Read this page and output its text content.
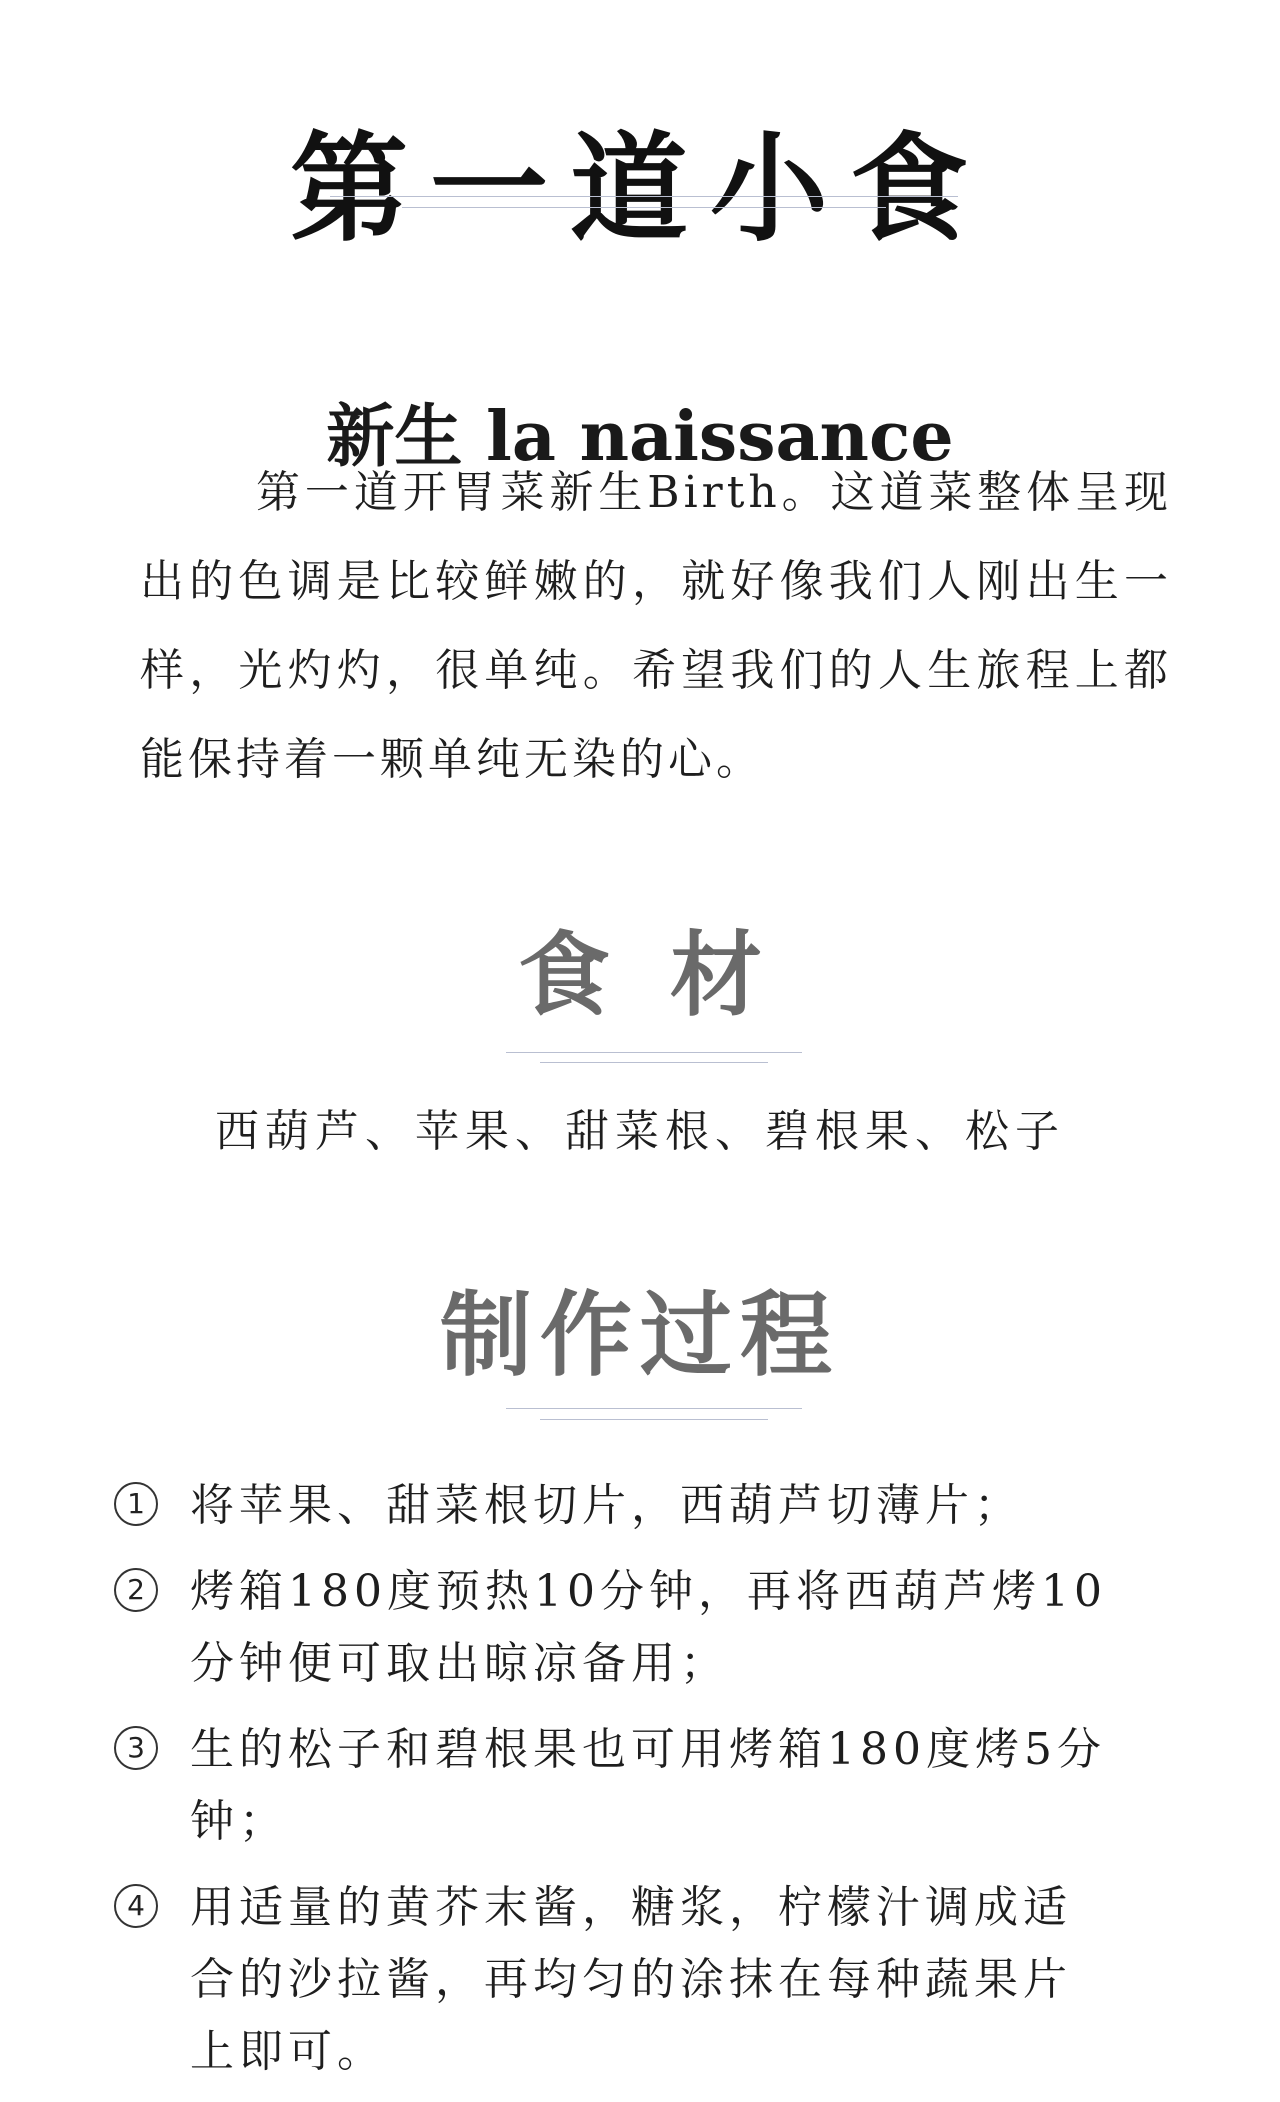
第一道小食
新生 la naissance

第一道开胃菜新生Birth。这道菜整体呈现出的色调是比较鲜嫩的，就好像我们人刚出生一样，光灼灼，很单纯。希望我们的人生旅程上都能保持着一颗单纯无染的心。

食材

西葫芦、苹果、甜菜根、碧根果、松子

制作过程
1 将苹果、甜菜根切片，西葫芦切薄片；
2 烤箱180度预热10分钟，再将西葫芦烤10分钟便可取出晾凉备用；
3 生的松子和碧根果也可用烤箱180度烤5分钟；
4 用适量的黄芥末酱，糖浆，柠檬汁调成适合的沙拉酱，再均匀的涂抹在每种蔬果片上即可。
